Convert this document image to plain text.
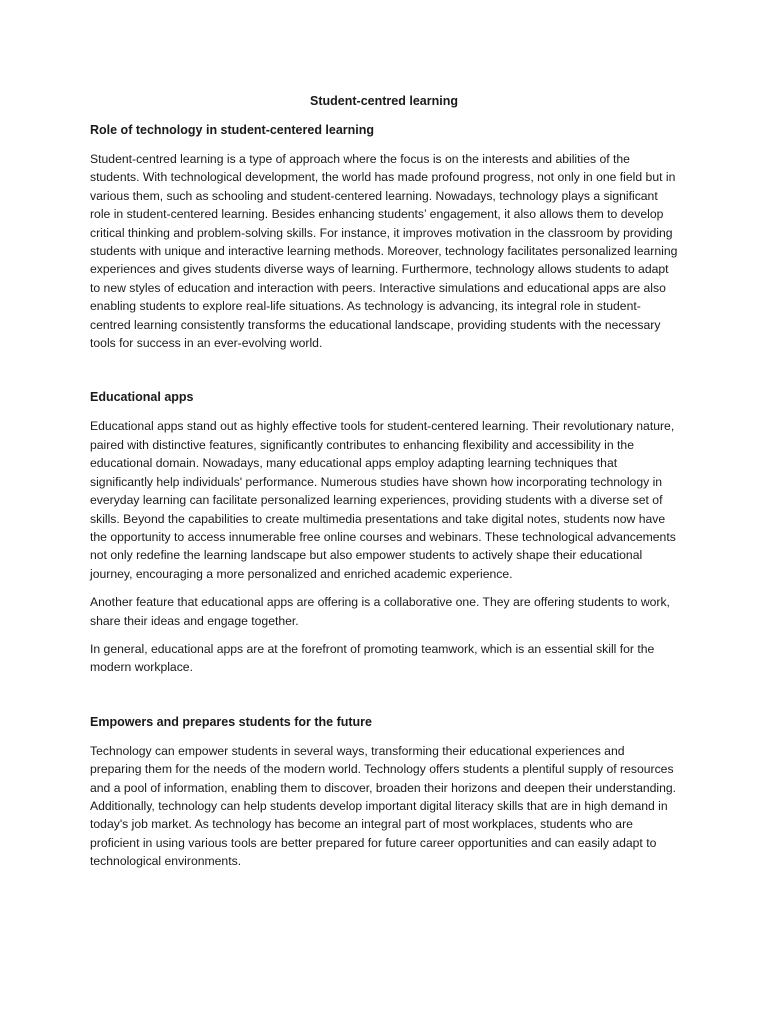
Student-centred learning
Role of technology in student-centered learning

Student-centred learning is a type of approach where the focus is on the interests and abilities of the students. With technological development, the world has made profound progress, not only in one field but in various them, such as schooling and student-centered learning. Nowadays, technology plays a significant role in student-centered learning. Besides enhancing students’ engagement, it also allows them to develop critical thinking and problem-solving skills. For instance, it improves motivation in the classroom by providing students with unique and interactive learning methods. Moreover, technology facilitates personalized learning experiences and gives students diverse ways of learning. Furthermore, technology allows students to adapt to new styles of education and interaction with peers. Interactive simulations and educational apps are also enabling students to explore real-life situations. As technology is advancing, its integral role in student-centred learning consistently transforms the educational landscape, providing students with the necessary tools for success in an ever-evolving world.

Educational apps

Educational apps stand out as highly effective tools for student-centered learning. Their revolutionary nature, paired with distinctive features, significantly contributes to enhancing flexibility and accessibility in the educational domain. Nowadays, many educational apps employ adapting learning techniques that significantly help individuals' performance. Numerous studies have shown how incorporating technology in everyday learning can facilitate personalized learning experiences, providing students with a diverse set of skills. Beyond the capabilities to create multimedia presentations and take digital notes, students now have the opportunity to access innumerable free online courses and webinars. These technological advancements not only redefine the learning landscape but also empower students to actively shape their educational journey, encouraging a more personalized and enriched academic experience.

Another feature that educational apps are offering is a collaborative one. They are offering students to work, share their ideas and engage together.

In general, educational apps are at the forefront of promoting teamwork, which is an essential skill for the modern workplace.

Empowers and prepares students for the future

Technology can empower students in several ways, transforming their educational experiences and preparing them for the needs of the modern world. Technology offers students a plentiful supply of resources and a pool of information, enabling them to discover, broaden their horizons and deepen their understanding. Additionally, technology can help students develop important digital literacy skills that are in high demand in today's job market. As technology has become an integral part of most workplaces, students who are proficient in using various tools are better prepared for future career opportunities and can easily adapt to technological environments.
